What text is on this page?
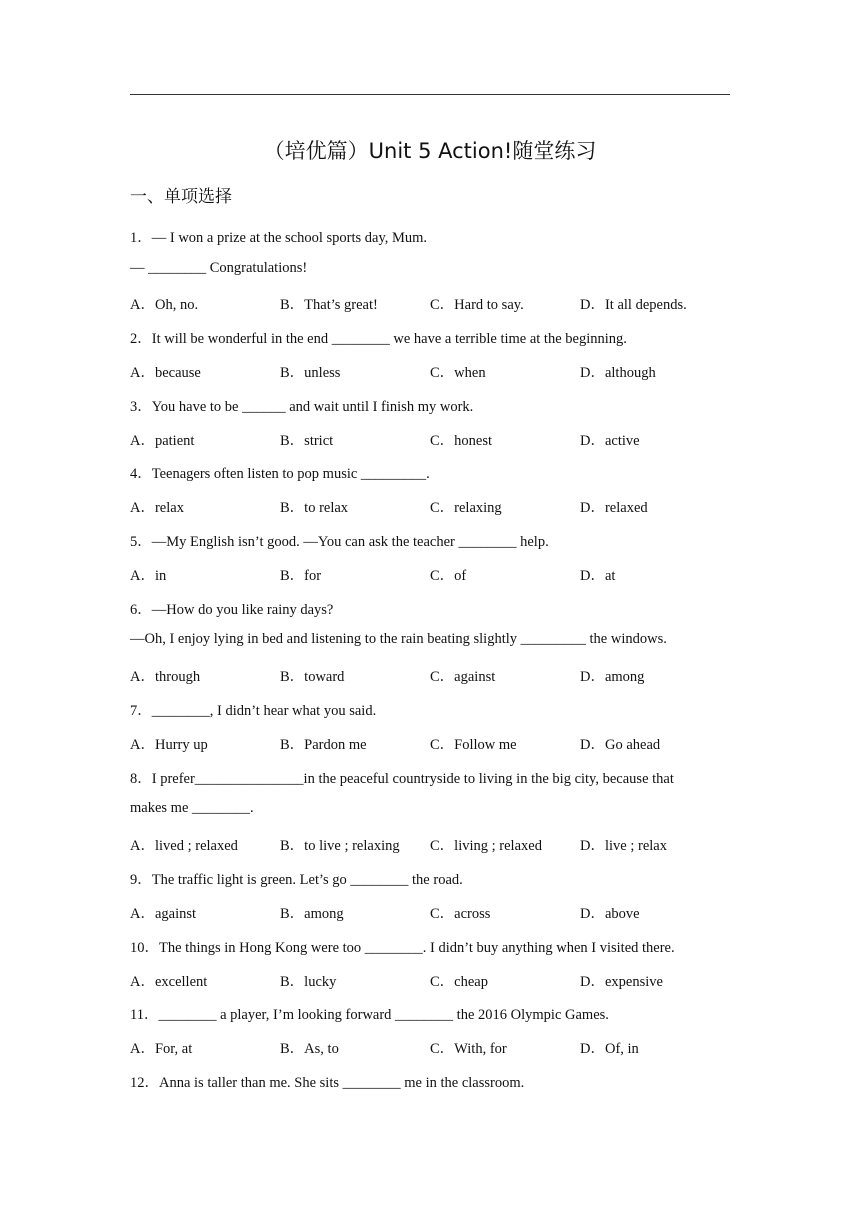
（培优篇）Unit 5 Action!随堂练习
一、单项选择
1．— I won a prize at the school sports day, Mum.
— ________ Congratulations!
A．Oh, no.	B．That’s great!	C．Hard to say.	D．It all depends.
2．It will be wonderful in the end ________ we have a terrible time at the beginning.
A．because	B．unless	C．when	D．although
3．You have to be ______ and wait until I finish my work.
A．patient	B．strict	C．honest	D．active
4．Teenagers often listen to pop music _________.
A．relax	B．to relax	C．relaxing	D．relaxed
5．—My English isn’t good. —You can ask the teacher ________ help.
A．in	B．for	C．of	D．at
6．—How do you like rainy days?
—Oh, I enjoy lying in bed and listening to the rain beating slightly _________ the windows.
A．through	B．toward	C．against	D．among
7．________, I didn’t hear what you said.
A．Hurry up	B．Pardon me	C．Follow me	D．Go ahead
8．I prefer_______________in the peaceful countryside to living in the big city, because that
makes me ________.
A．lived ; relaxed	B．to live ; relaxing C．living ; relaxed	D．live ; relax
9．The traffic light is green. Let’s go ________ the road.
A．against	B．among	C．across	D．above
10．The things in Hong Kong were too ________. I didn’t buy anything when I visited there.
A．excellent	B．lucky	C．cheap	D．expensive
11．________ a player, I’m looking forward ________ the 2016 Olympic Games.
A．For, at	B．As, to	C．With, for	D．Of, in
12．Anna is taller than me. She sits ________ me in the classroom.
